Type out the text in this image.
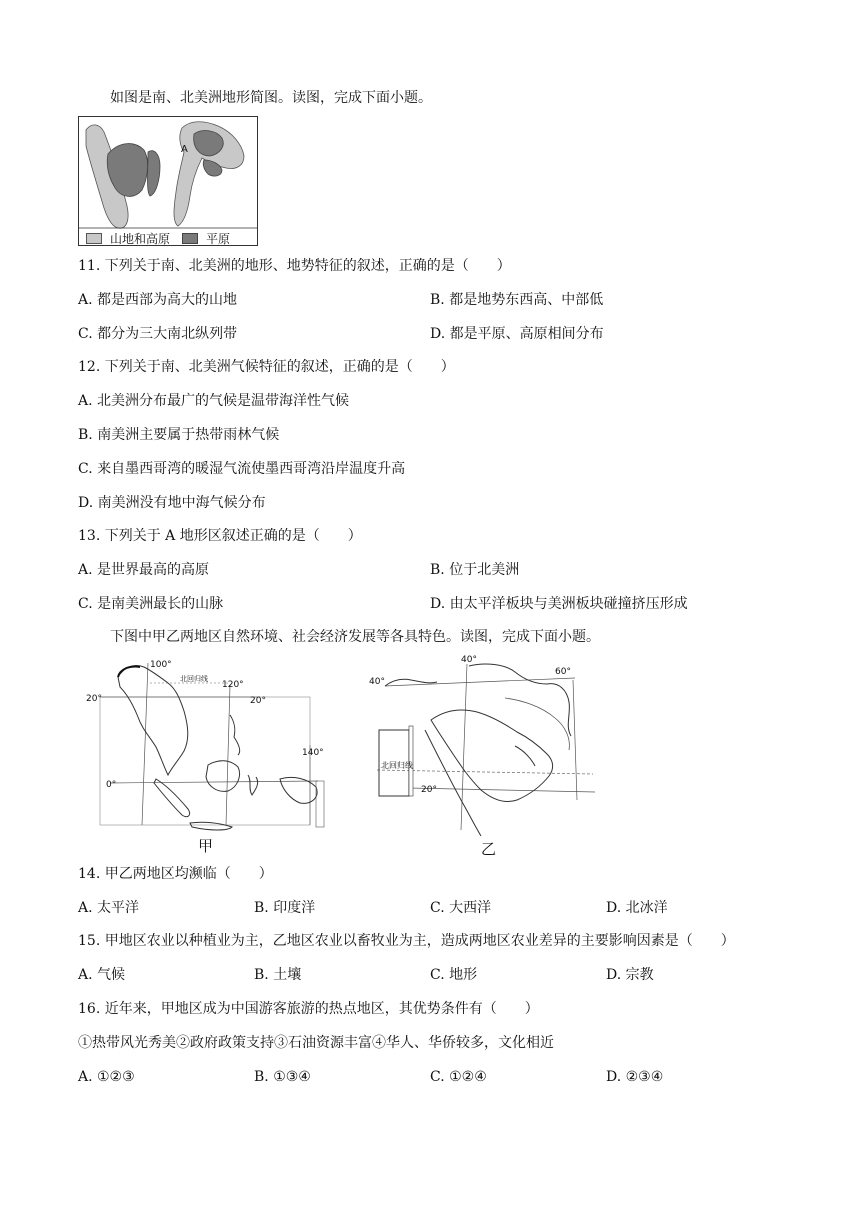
如图是南、北美洲地形简图。读图，完成下面小题。
A
山地和高原	平原
11. 下列关于南、北美洲的地形、地势特征的叙述，正确的是（　　）
A. 都是西部为高大的山地	B. 都是地势东西高、中部低
C. 都分为三大南北纵列带	D. 都是平原、高原相间分布
12. 下列关于南、北美洲气候特征的叙述，正确的是（　　）
A. 北美洲分布最广的气候是温带海洋性气候
B. 南美洲主要属于热带雨林气候
C. 来自墨西哥湾的暖湿气流使墨西哥湾沿岸温度升高
D. 南美洲没有地中海气候分布
13. 下列关于 A 地形区叙述正确的是（　　）
A. 是世界最高的高原	B. 位于北美洲
C. 是南美洲最长的山脉	D. 由太平洋板块与美洲板块碰撞挤压形成
下图中甲乙两地区自然环境、社会经济发展等各具特色。读图，完成下面小题。
100°
120°
140°
20°	20°
0°
北回归线
甲
40°
60°
40°
20°
北回归线
乙
14. 甲乙两地区均濒临（　　）
A. 太平洋	B. 印度洋	C. 大西洋	D. 北冰洋
15. 甲地区农业以种植业为主，乙地区农业以畜牧业为主，造成两地区农业差异的主要影响因素是（　　）
A. 气候	B. 土壤	C. 地形	D. 宗教
16. 近年来，甲地区成为中国游客旅游的热点地区，其优势条件有（　　）
①热带风光秀美②政府政策支持③石油资源丰富④华人、华侨较多，文化相近
A. ①②③	B. ①③④	C. ①②④	D. ②③④
